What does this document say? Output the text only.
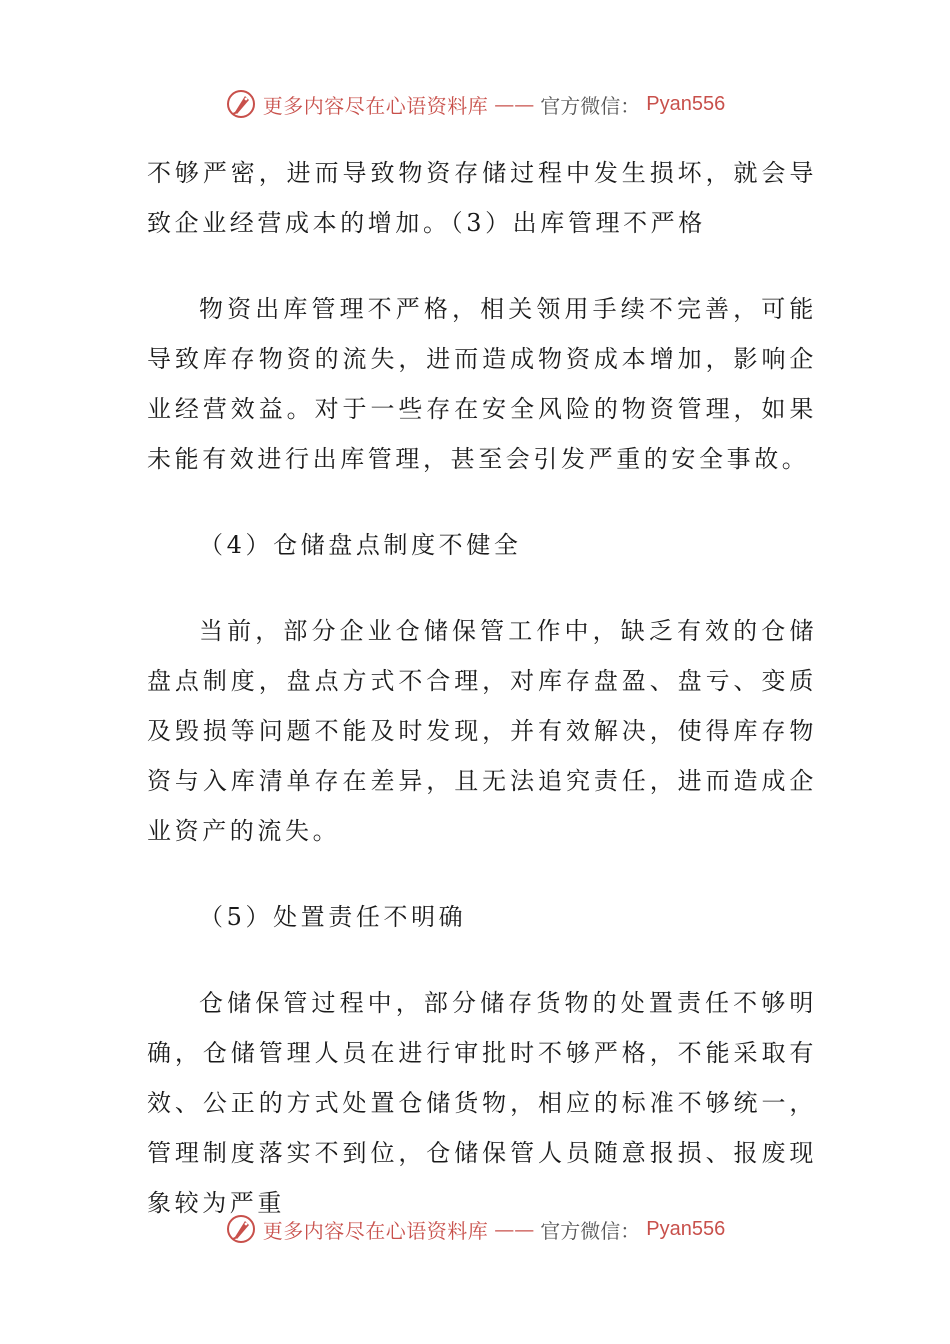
更多内容尽在心语资料库 —— 官方微信： Pyan556

不够严密，进而导致物资存储过程中发生损坏，就会导致企业经营成本的增加。（3）出库管理不严格

物资出库管理不严格，相关领用手续不完善，可能导致库存物资的流失，进而造成物资成本增加，影响企业经营效益。对于一些存在安全风险的物资管理，如果未能有效进行出库管理，甚至会引发严重的安全事故。

（4）仓储盘点制度不健全

当前，部分企业仓储保管工作中，缺乏有效的仓储盘点制度，盘点方式不合理，对库存盘盈、盘亏、变质及毁损等问题不能及时发现，并有效解决，使得库存物资与入库清单存在差异，且无法追究责任，进而造成企业资产的流失。

（5）处置责任不明确

仓储保管过程中，部分储存货物的处置责任不够明确，仓储管理人员在进行审批时不够严格，不能采取有效、公正的方式处置仓储货物，相应的标准不够统一，管理制度落实不到位，仓储保管人员随意报损、报废现象较为严重

更多内容尽在心语资料库 —— 官方微信： Pyan556
